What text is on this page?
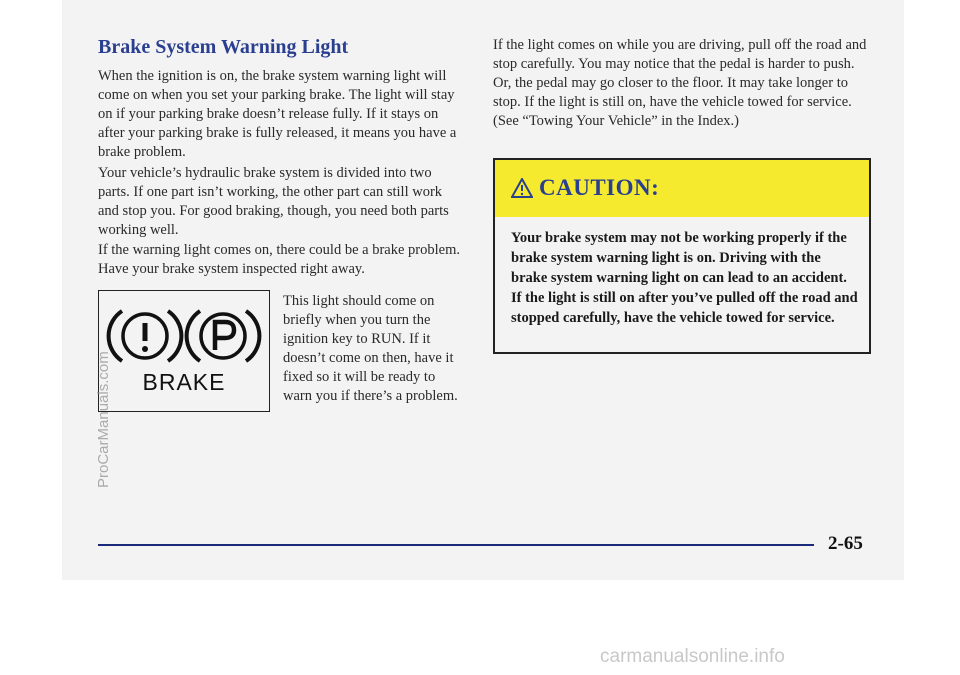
Brake System Warning Light

When the ignition is on, the brake system warning light will come on when you set your parking brake. The light will stay on if your parking brake doesn’t release fully. If it stays on after your parking brake is fully released, it means you have a brake problem.

Your vehicle’s hydraulic brake system is divided into two parts. If one part isn’t working, the other part can still work and stop you. For good braking, though, you need both parts working well.

If the warning light comes on, there could be a brake problem. Have your brake system inspected right away.

BRAKE

This light should come on briefly when you turn the ignition key to RUN. If it doesn’t come on then, have it fixed so it will be ready to warn you if there’s a problem.

If the light comes on while you are driving, pull off the road and stop carefully. You may notice that the pedal is harder to push. Or, the pedal may go closer to the floor. It may take longer to stop. If the light is still on, have the vehicle towed for service. (See “Towing Your Vehicle” in the Index.)

CAUTION:

Your brake system may not be working properly if the brake system warning light is on. Driving with the brake system warning light on can lead to an accident. If the light is still on after you’ve pulled off the road and stopped carefully, have the vehicle towed for service.

2-65
ProCarManuals.com
carmanualsonline.info
